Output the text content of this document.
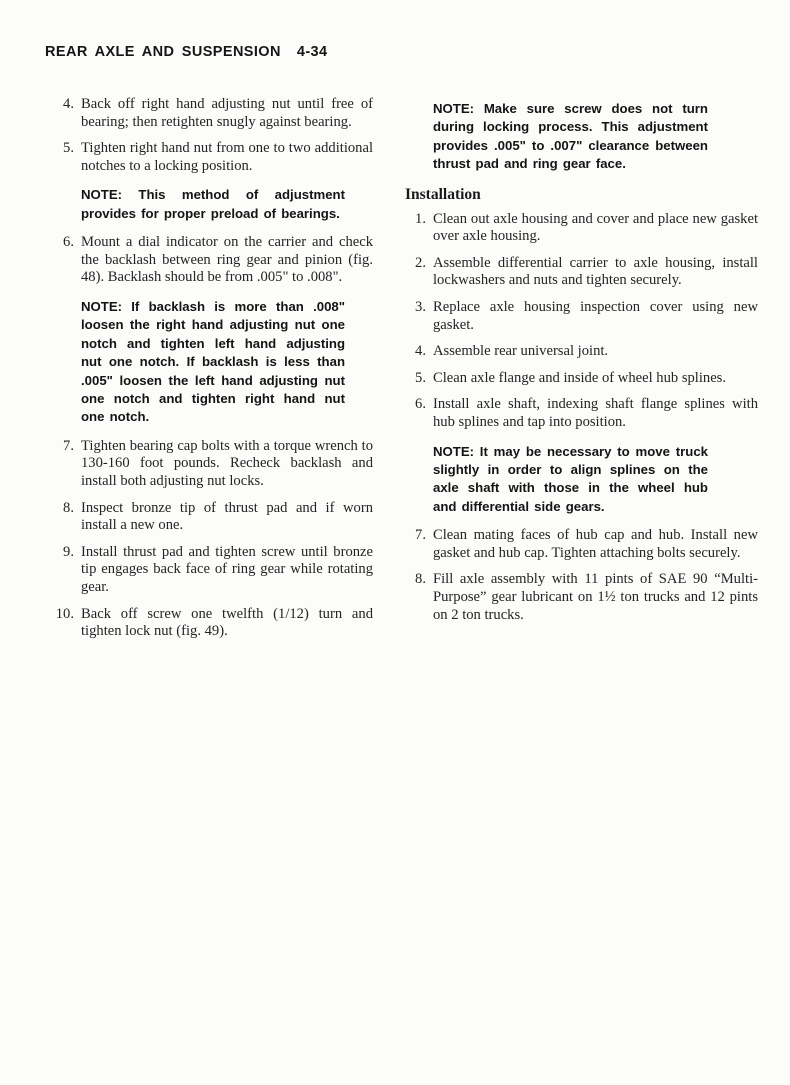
REAR AXLE AND SUSPENSION 4-34
4. Back off right hand adjusting nut until free of bearing; then retighten snugly against bearing.
5. Tighten right hand nut from one to two additional notches to a locking position.
NOTE: This method of adjustment provides for proper preload of bearings.
6. Mount a dial indicator on the carrier and check the backlash between ring gear and pinion (fig. 48). Backlash should be from .005" to .008".
NOTE: If backlash is more than .008" loosen the right hand adjusting nut one notch and tighten left hand adjusting nut one notch. If backlash is less than .005" loosen the left hand adjusting nut one notch and tighten right hand nut one notch.
7. Tighten bearing cap bolts with a torque wrench to 130-160 foot pounds. Recheck backlash and install both adjusting nut locks.
8. Inspect bronze tip of thrust pad and if worn install a new one.
9. Install thrust pad and tighten screw until bronze tip engages back face of ring gear while rotating gear.
10. Back off screw one twelfth (1/12) turn and tighten lock nut (fig. 49).
NOTE: Make sure screw does not turn during locking process. This adjustment provides .005" to .007" clearance between thrust pad and ring gear face.
Installation
1. Clean out axle housing and cover and place new gasket over axle housing.
2. Assemble differential carrier to axle housing, install lockwashers and nuts and tighten securely.
3. Replace axle housing inspection cover using new gasket.
4. Assemble rear universal joint.
5. Clean axle flange and inside of wheel hub splines.
6. Install axle shaft, indexing shaft flange splines with hub splines and tap into position.
NOTE: It may be necessary to move truck slightly in order to align splines on the axle shaft with those in the wheel hub and differential side gears.
7. Clean mating faces of hub cap and hub. Install new gasket and hub cap. Tighten attaching bolts securely.
8. Fill axle assembly with 11 pints of SAE 90 “Multi-Purpose” gear lubricant on 1½ ton trucks and 12 pints on 2 ton trucks.
